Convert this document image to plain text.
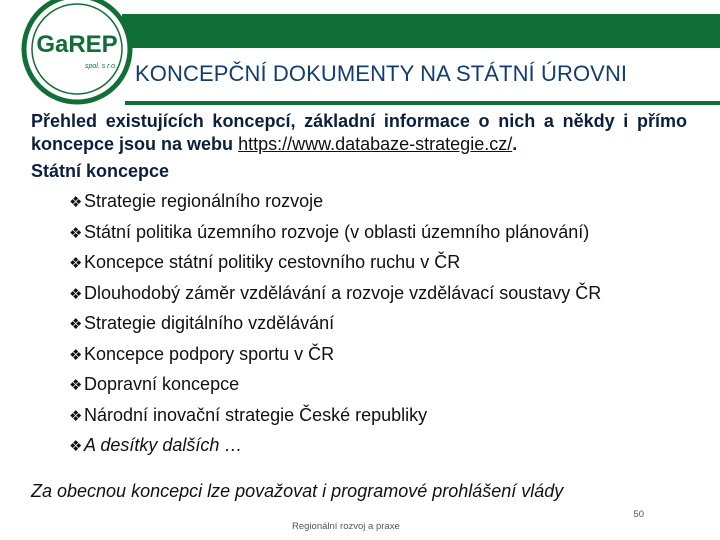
GaREP
spol. s r.o. KONCEPČNÍ DOKUMENTY NA STÁTNÍ ÚROVNI

Přehled existujících koncepcí, základní informace o nich a někdy i přímo koncepce jsou na webu https://www.databaze-strategie.cz/.

Státní koncepce

❖Strategie regionálního rozvoje
❖Státní politika územního rozvoje (v oblasti územního plánování)
❖Koncepce státní politiky cestovního ruchu v ČR
❖Dlouhodobý záměr vzdělávání a rozvoje vzdělávací soustavy ČR
❖Strategie digitálního vzdělávání
❖Koncepce podpory sportu v ČR
❖Dopravní koncepce
❖Národní inovační strategie České republiky
❖A desítky dalších …
Za obecnou koncepci lze považovat i programové prohlášení vlády
Regionální rozvoj a praxe
50
